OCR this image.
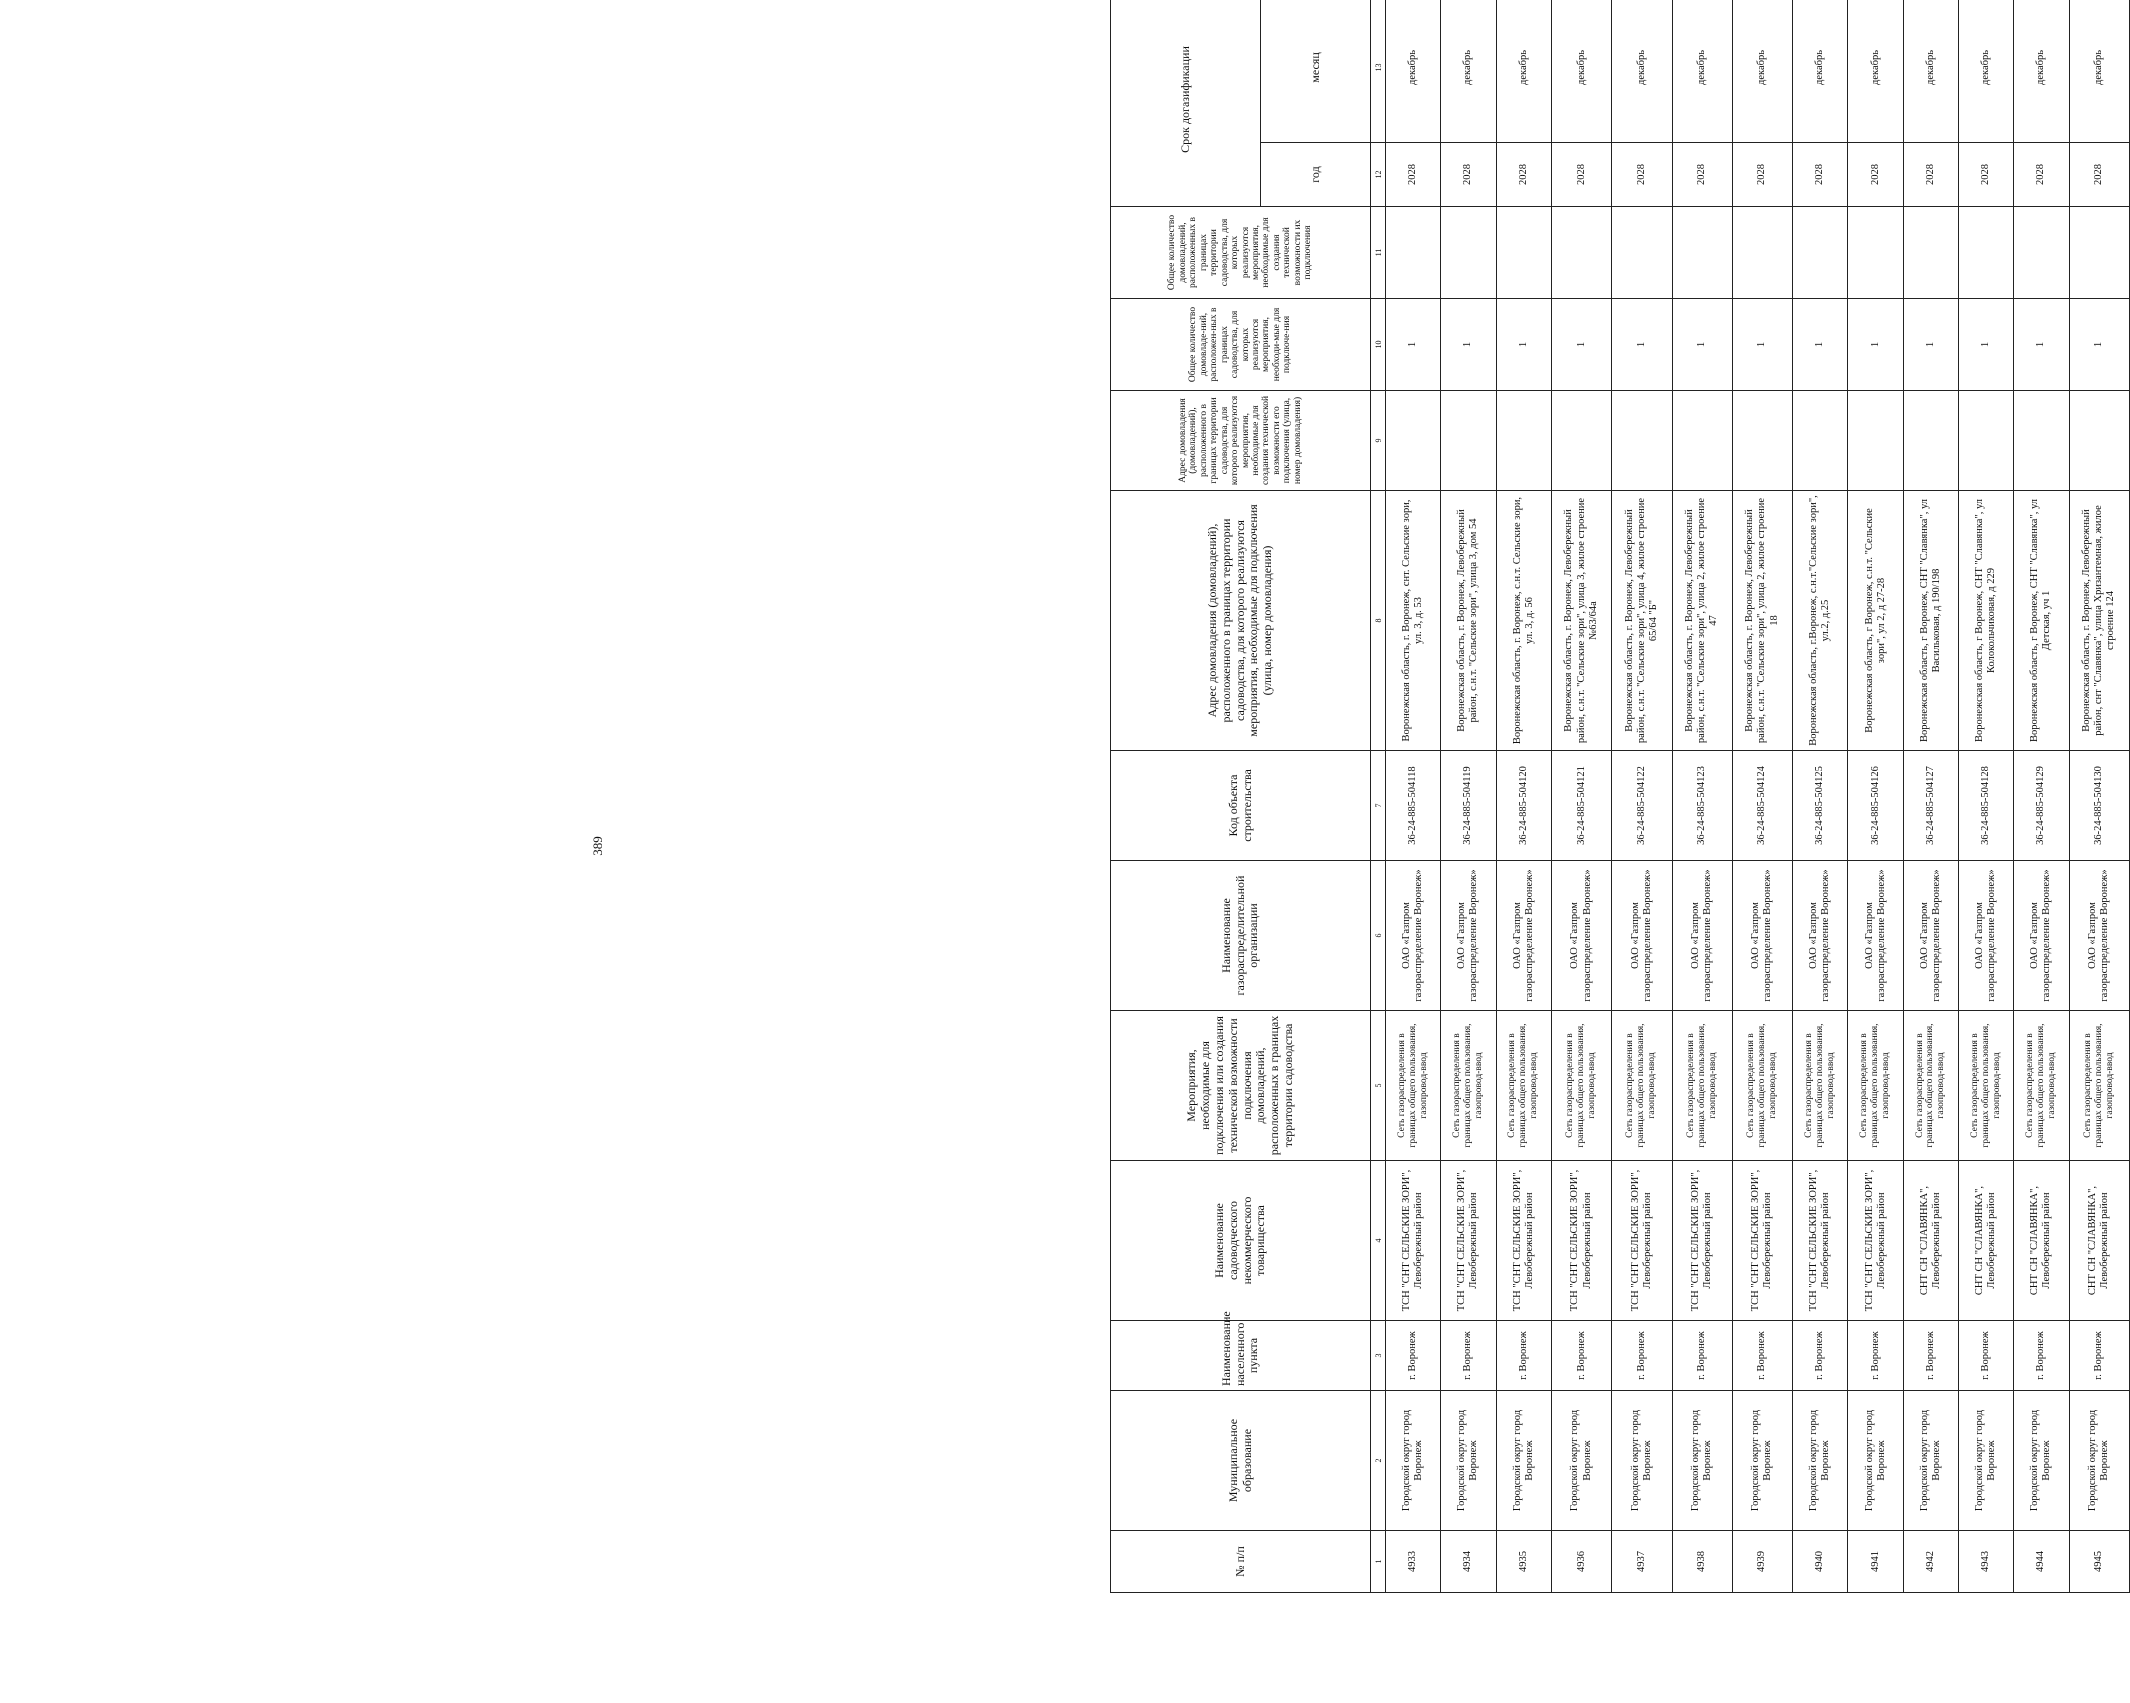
389
№ п/п	Муниципальное образование	Наименование населенного пункта	Наименование садоводческого некоммерческого товарищества	Мероприятия, необходимые для подключения или создания технической возможности подключения домовладений, расположенных в границах территории садоводства	Наименование газораспределительной организации	Код объекта строительства	Адрес домовладения (домовладений), расположенного в границах территории садоводства, для которого реализуются мероприятия, необходимые для подключения (улица, номер домовладения)	Адрес домовладения (домовладений), расположенного в границах территории садоводства, для которого реализуются мероприятия, необходимые для создания технической возможности его подключения (улица, номер домовладения)	Общее количество домовладе-ний, расположен-ных в границах садоводства, для которых реализуются мероприятия, необходи-мые для подключе-ния	Общее количество домовладений, расположенных в границах территории садоводства, для которых реализуются мероприятия, необходимые для создания технической возможности их подключения	Срок догазификации	
											год	месяц
1	2	3	4	5	6	7	8	9	10	11	12	13
4933	Городской округ город Воронеж	г. Воронеж	ТСН "СНТ СЕЛЬСКИЕ ЗОРИ", Левобережный район	Сеть газораспределения в границах общего пользования, газопровод-ввод	ОАО «Газпром газораспределение Воронеж»	36-24-885-504118	Воронежская область, г. Воронеж, снт. Сельские зори, ул. 3, д. 53		1		2028	декабрь
4934	Городской округ город Воронеж	г. Воронеж	ТСН "СНТ СЕЛЬСКИЕ ЗОРИ", Левобережный район	Сеть газораспределения в границах общего пользования, газопровод-ввод	ОАО «Газпром газораспределение Воронеж»	36-24-885-504119	Воронежская область, г. Воронеж, Левобережный район, с.н.т. "Сельские зори", улица 3, дом 54		1		2028	декабрь
4935	Городской округ город Воронеж	г. Воронеж	ТСН "СНТ СЕЛЬСКИЕ ЗОРИ", Левобережный район	Сеть газораспределения в границах общего пользования, газопровод-ввод	ОАО «Газпром газораспределение Воронеж»	36-24-885-504120	Воронежская область, г. Воронеж, с.н.т. Сельские зори, ул. 3, д. 56		1		2028	декабрь
4936	Городской округ город Воронеж	г. Воронеж	ТСН "СНТ СЕЛЬСКИЕ ЗОРИ", Левобережный район	Сеть газораспределения в границах общего пользования, газопровод-ввод	ОАО «Газпром газораспределение Воронеж»	36-24-885-504121	Воронежская область, г. Воронеж, Левобережный район, с.н.т. "Сельские зори", улица 3, жилое строение №63/64а		1		2028	декабрь
4937	Городской округ город Воронеж	г. Воронеж	ТСН "СНТ СЕЛЬСКИЕ ЗОРИ", Левобережный район	Сеть газораспределения в границах общего пользования, газопровод-ввод	ОАО «Газпром газораспределение Воронеж»	36-24-885-504122	Воронежская область, г. Воронеж, Левобережный район, с.н.т. "Сельские зори", улица 4, жилое строение 65/64 "Б"		1		2028	декабрь
4938	Городской округ город Воронеж	г. Воронеж	ТСН "СНТ СЕЛЬСКИЕ ЗОРИ", Левобережный район	Сеть газораспределения в границах общего пользования, газопровод-ввод	ОАО «Газпром газораспределение Воронеж»	36-24-885-504123	Воронежская область, г. Воронеж, Левобережный район, с.н.т. "Сельские зори", улица 2, жилое строение 47		1		2028	декабрь
4939	Городской округ город Воронеж	г. Воронеж	ТСН "СНТ СЕЛЬСКИЕ ЗОРИ", Левобережный район	Сеть газораспределения в границах общего пользования, газопровод-ввод	ОАО «Газпром газораспределение Воронеж»	36-24-885-504124	Воронежская область, г. Воронеж, Левобережный район, с.н.т. "Сельские зори", улица 2, жилое строение 18		1		2028	декабрь
4940	Городской округ город Воронеж	г. Воронеж	ТСН "СНТ СЕЛЬСКИЕ ЗОРИ", Левобережный район	Сеть газораспределения в границах общего пользования, газопровод-ввод	ОАО «Газпром газораспределение Воронеж»	36-24-885-504125	Воронежская область, г.Воронеж, с.н.т."Сельские зори", ул.2, д.25		1		2028	декабрь
4941	Городской округ город Воронеж	г. Воронеж	ТСН "СНТ СЕЛЬСКИЕ ЗОРИ", Левобережный район	Сеть газораспределения в границах общего пользования, газопровод-ввод	ОАО «Газпром газораспределение Воронеж»	36-24-885-504126	Воронежская область, г Воронеж, с.н.т. "Сельские зори", ул 2, д 27-28		1		2028	декабрь
4942	Городской округ город Воронеж	г. Воронеж	СНТ СН "СЛАВЯНКА", Левобережный район	Сеть газораспределения в границах общего пользования, газопровод-ввод	ОАО «Газпром газораспределение Воронеж»	36-24-885-504127	Воронежская область, г Воронеж, СНТ "Славянка", ул Васильковая, д 190/198		1		2028	декабрь
4943	Городской округ город Воронеж	г. Воронеж	СНТ СН "СЛАВЯНКА", Левобережный район	Сеть газораспределения в границах общего пользования, газопровод-ввод	ОАО «Газпром газораспределение Воронеж»	36-24-885-504128	Воронежская область, г Воронеж, СНТ "Славянка", ул Колокольчиковая, д 229		1		2028	декабрь
4944	Городской округ город Воронеж	г. Воронеж	СНТ СН "СЛАВЯНКА", Левобережный район	Сеть газораспределения в границах общего пользования, газопровод-ввод	ОАО «Газпром газораспределение Воронеж»	36-24-885-504129	Воронежская область, г Воронеж, СНТ "Славянка", ул Детская, уч 1		1		2028	декабрь
4945	Городской округ город Воронеж	г. Воронеж	СНТ СН "СЛАВЯНКА", Левобережный район	Сеть газораспределения в границах общего пользования, газопровод-ввод	ОАО «Газпром газораспределение Воронеж»	36-24-885-504130	Воронежская область, г. Воронеж, Левобережный район, снт "Славянка", улица Хризантемная, жилое строение 124		1		2028	декабрь
